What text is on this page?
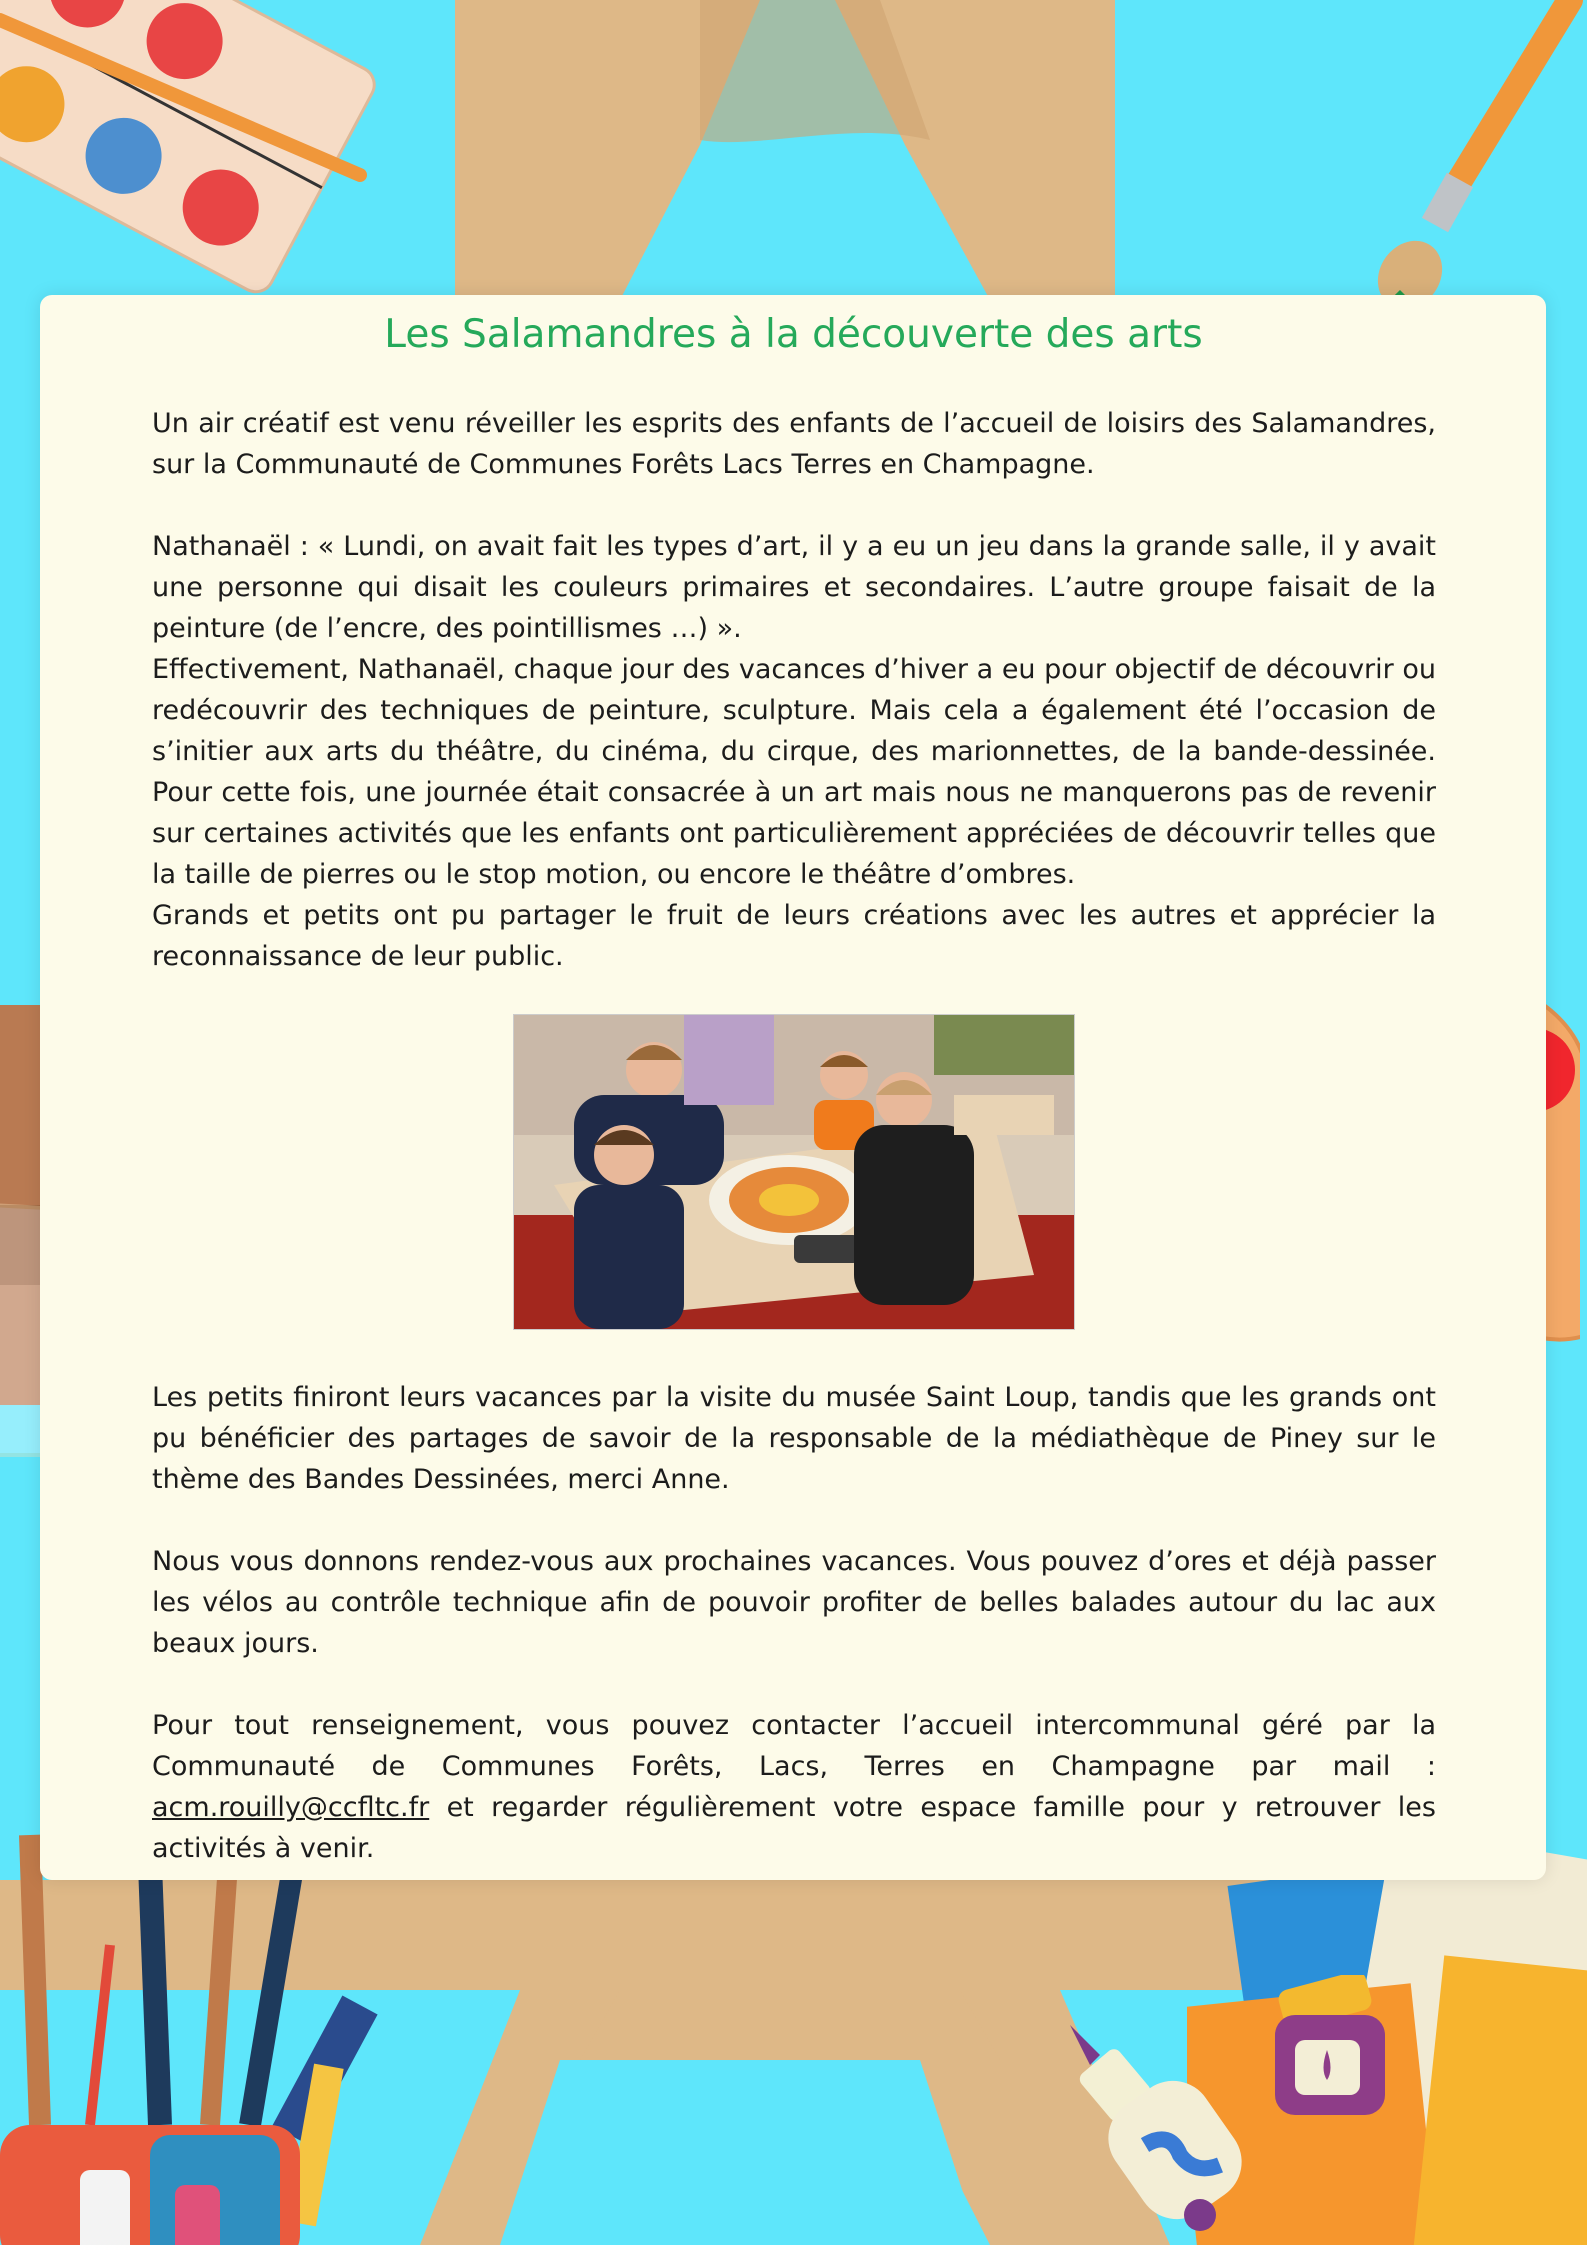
Les Salamandres à la découverte des arts

Un air créatif est venu réveiller les esprits des enfants de l’accueil de loisirs des Salamandres, sur la Communauté de Communes Forêts Lacs Terres en Champagne.

Nathanaël : « Lundi, on avait fait les types d’art, il y a eu un jeu dans la grande salle, il y avait une personne qui disait les couleurs primaires et secondaires. L’autre groupe faisait de la peinture (de l’encre, des pointillismes …) ».

Effectivement, Nathanaël, chaque jour des vacances d’hiver a eu pour objectif de découvrir ou redécouvrir des techniques de peinture, sculpture. Mais cela a également été l’occasion de s’initier aux arts du théâtre, du cinéma, du cirque, des marionnettes, de la bande-dessinée. Pour cette fois, une journée était consacrée à un art mais nous ne manquerons pas de revenir sur certaines activités que les enfants ont particulièrement appréciées de découvrir telles que la taille de pierres ou le stop motion, ou encore le théâtre d’ombres.

Grands et petits ont pu partager le fruit de leurs créations avec les autres et apprécier la reconnaissance de leur public.

Les petits finiront leurs vacances par la visite du musée Saint Loup, tandis que les grands ont pu bénéficier des partages de savoir de la responsable de la médiathèque de Piney sur le thème des Bandes Dessinées, merci Anne.

Nous vous donnons rendez-vous aux prochaines vacances. Vous pouvez d’ores et déjà passer les vélos au contrôle technique afin de pouvoir profiter de belles balades autour du lac aux beaux jours.

Pour tout renseignement, vous pouvez contacter l’accueil intercommunal géré par la Communauté de Communes Forêts, Lacs, Terres en Champagne par mail : acm.rouilly@ccfltc.fr et regarder régulièrement votre espace famille pour y retrouver les activités à venir.
